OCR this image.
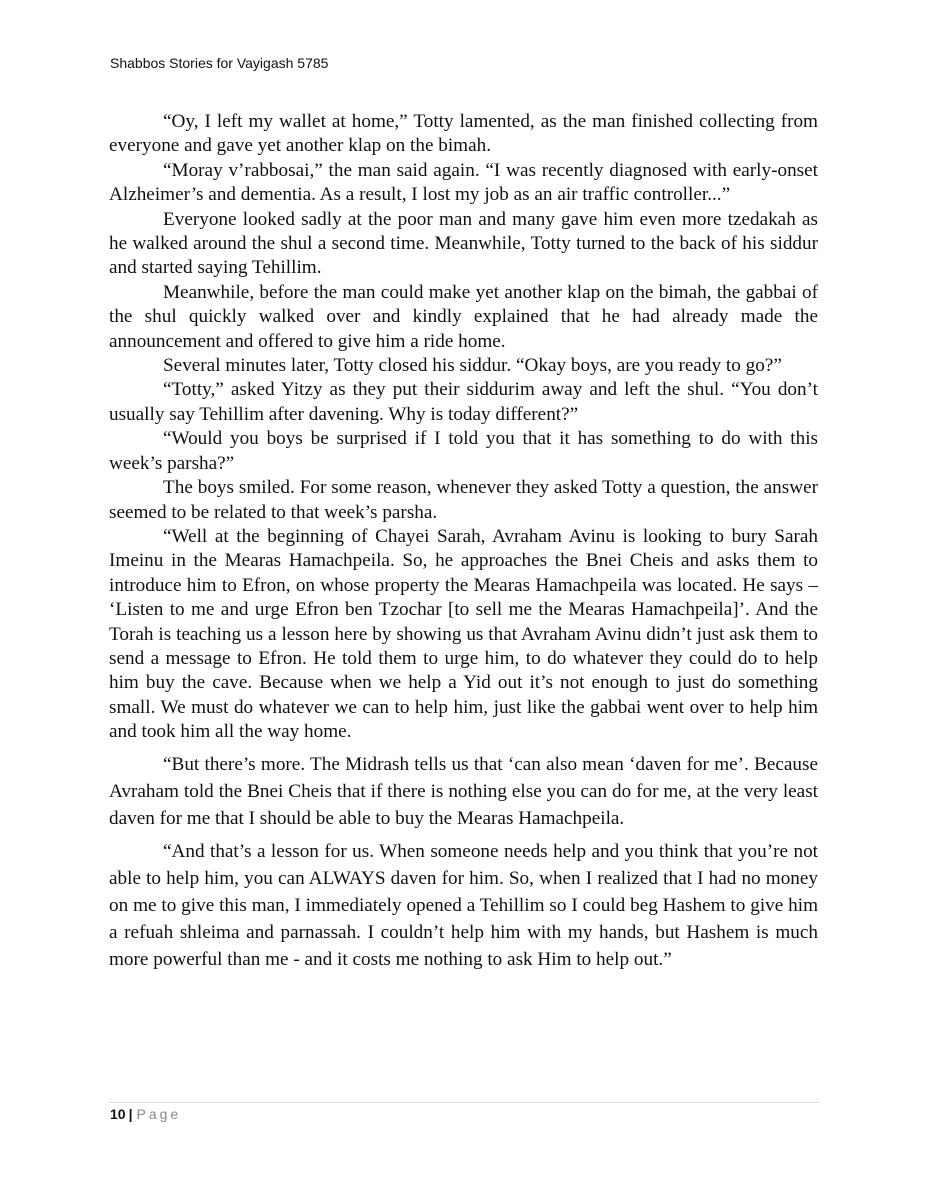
Shabbos Stories for Vayigash 5785

“Oy, I left my wallet at home,” Totty lamented, as the man finished collecting from everyone and gave yet another klap on the bimah.

“Moray v’rabbosai,” the man said again. “I was recently diagnosed with early-onset Alzheimer’s and dementia. As a result, I lost my job as an air traffic controller...”

Everyone looked sadly at the poor man and many gave him even more tzedakah as he walked around the shul a second time. Meanwhile, Totty turned to the back of his siddur and started saying Tehillim.

Meanwhile, before the man could make yet another klap on the bimah, the gabbai of the shul quickly walked over and kindly explained that he had already made the announcement and offered to give him a ride home.

Several minutes later, Totty closed his siddur. “Okay boys, are you ready to go?”

“Totty,” asked Yitzy as they put their siddurim away and left the shul. “You don’t usually say Tehillim after davening. Why is today different?”

“Would you boys be surprised if I told you that it has something to do with this week’s parsha?”

The boys smiled. For some reason, whenever they asked Totty a question, the answer seemed to be related to that week’s parsha.

“Well at the beginning of Chayei Sarah, Avraham Avinu is looking to bury Sarah Imeinu in the Mearas Hamachpeila. So, he approaches the Bnei Cheis and asks them to introduce him to Efron, on whose property the Mearas Hamachpeila was located. He says – ‘Listen to me and urge Efron ben Tzochar [to sell me the Mearas Hamachpeila]’. And the Torah is teaching us a lesson here by showing us that Avraham Avinu didn’t just ask them to send a message to Efron. He told them to urge him, to do whatever they could do to help him buy the cave. Because when we help a Yid out it’s not enough to just do something small. We must do whatever we can to help him, just like the gabbai went over to help him and took him all the way home.

“But there’s more. The Midrash tells us that ‘can also mean ‘daven for me’. Because Avraham told the Bnei Cheis that if there is nothing else you can do for me, at the very least daven for me that I should be able to buy the Mearas Hamachpeila.

“And that’s a lesson for us. When someone needs help and you think that you’re not able to help him, you can ALWAYS daven for him. So, when I realized that I had no money on me to give this man, I immediately opened a Tehillim so I could beg Hashem to give him a refuah shleima and parnassah. I couldn’t help him with my hands, but Hashem is much more powerful than me - and it costs me nothing to ask Him to help out.”

10 | Page
